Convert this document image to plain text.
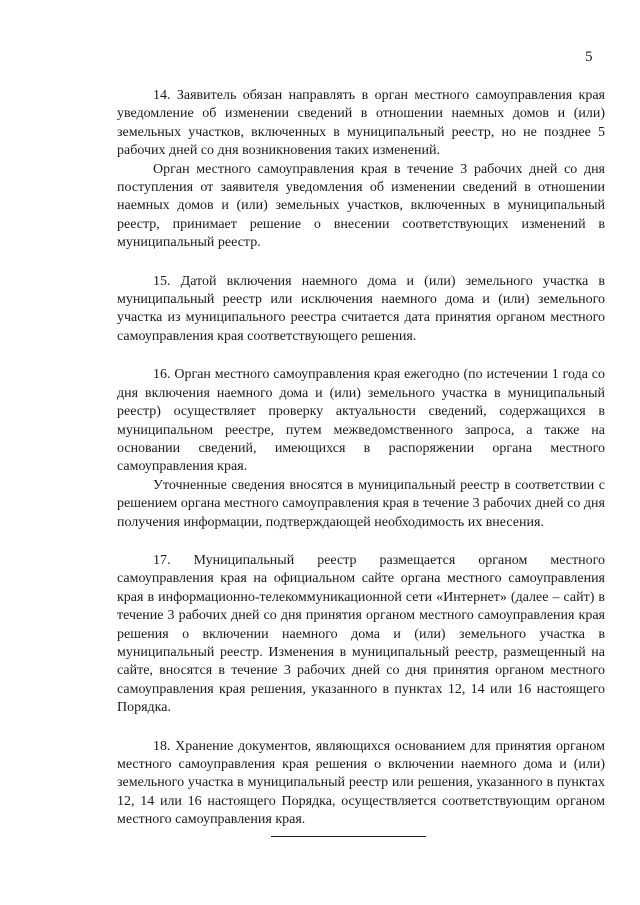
5

14. Заявитель обязан направлять в орган местного самоуправления края уведомление об изменении сведений в отношении наемных домов и (или) земельных участков, включенных в муниципальный реестр, но не позднее 5 рабочих дней со дня возникновения таких изменений.

Орган местного самоуправления края в течение 3 рабочих дней со дня поступления от заявителя уведомления об изменении сведений в отношении наемных домов и (или) земельных участков, включенных в муниципальный реестр, принимает решение о внесении соответствующих изменений в муниципальный реестр.

15. Датой включения наемного дома и (или) земельного участка в муниципальный реестр или исключения наемного дома и (или) земельного участка из муниципального реестра считается дата принятия органом местного самоуправления края соответствующего решения.

16. Орган местного самоуправления края ежегодно (по истечении 1 года со дня включения наемного дома и (или) земельного участка в муниципальный реестр) осуществляет проверку актуальности сведений, содержащихся в муниципальном реестре, путем межведомственного запроса, а также на основании сведений, имеющихся в распоряжении органа местного самоуправления края.

Уточненные сведения вносятся в муниципальный реестр в соответствии с решением органа местного самоуправления края в течение 3 рабочих дней со дня получения информации, подтверждающей необходимость их внесения.

17. Муниципальный реестр размещается органом местного самоуправления края на официальном сайте органа местного самоуправления края в информационно-телекоммуникационной сети «Интернет» (далее – сайт) в течение 3 рабочих дней со дня принятия органом местного самоуправления края решения о включении наемного дома и (или) земельного участка в муниципальный реестр. Изменения в муниципальный реестр, размещенный на сайте, вносятся в течение 3 рабочих дней со дня принятия органом местного самоуправления края решения, указанного в пунктах 12, 14 или 16 настоящего Порядка.

18. Хранение документов, являющихся основанием для принятия органом местного самоуправления края решения о включении наемного дома и (или) земельного участка в муниципальный реестр или решения, указанного в пунктах 12, 14 или 16 настоящего Порядка, осуществляется соответствующим органом местного самоуправления края.
